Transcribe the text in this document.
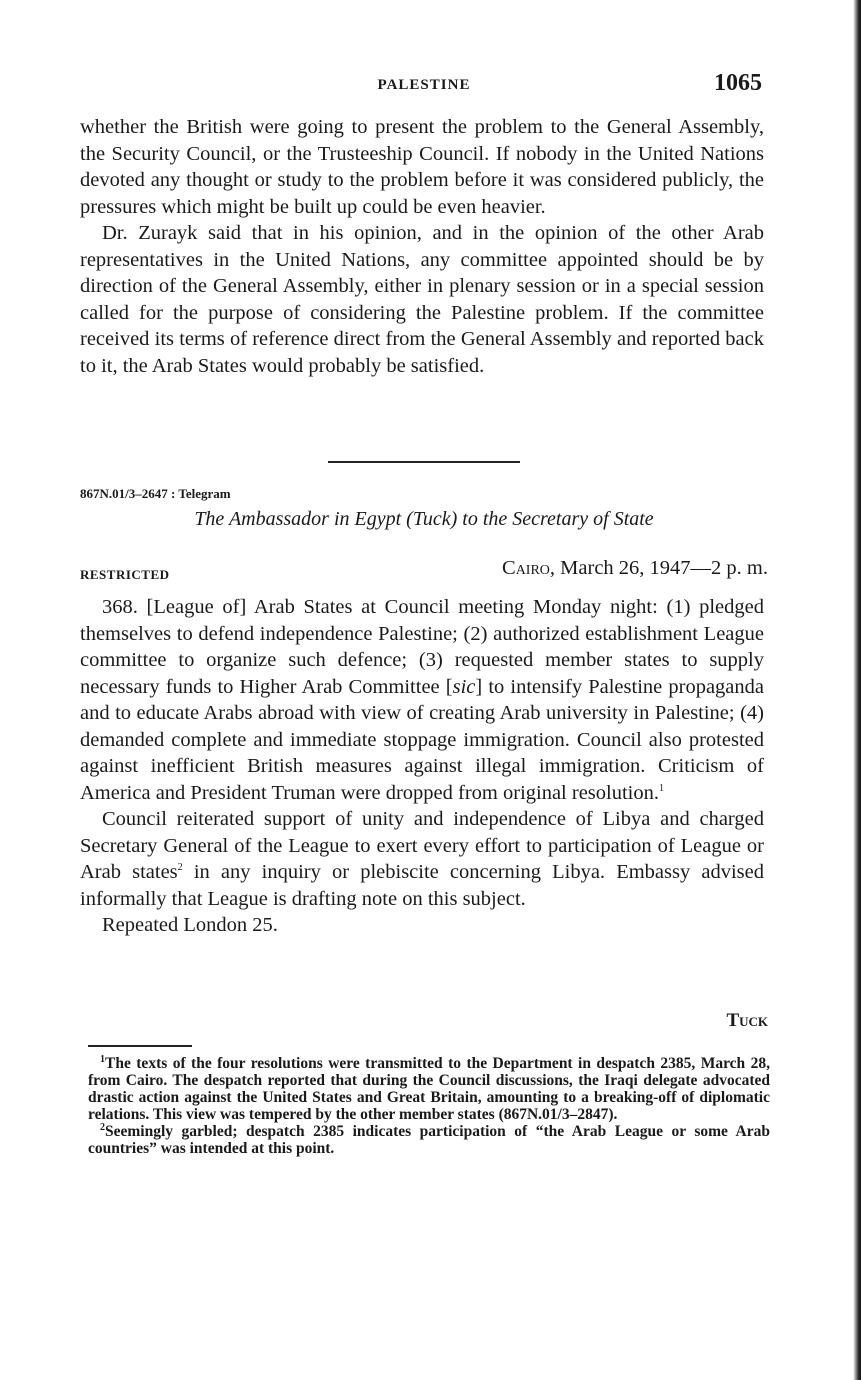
PALESTINE	1065

whether the British were going to present the problem to the General Assembly, the Security Council, or the Trusteeship Council. If nobody in the United Nations devoted any thought or study to the problem before it was considered publicly, the pressures which might be built up could be even heavier.

Dr. Zurayk said that in his opinion, and in the opinion of the other Arab representatives in the United Nations, any committee appointed should be by direction of the General Assembly, either in plenary session or in a special session called for the purpose of considering the Palestine problem. If the committee received its terms of reference direct from the General Assembly and reported back to it, the Arab States would probably be satisfied.

867N.01/3–2647 : Telegram
The Ambassador in Egypt (Tuck) to the Secretary of State
RESTRICTED	Cairo, March 26, 1947—2 p. m.

368. [League of] Arab States at Council meeting Monday night: (1) pledged themselves to defend independence Palestine; (2) authorized establishment League committee to organize such defence; (3) requested member states to supply necessary funds to Higher Arab Committee [sic] to intensify Palestine propaganda and to educate Arabs abroad with view of creating Arab university in Palestine; (4) demanded complete and immediate stoppage immigration. Council also protested against inefficient British measures against illegal immigration. Criticism of America and President Truman were dropped from original resolution.$^1$

Council reiterated support of unity and independence of Libya and charged Secretary General of the League to exert every effort to participation of League or Arab states$^2$ in any inquiry or plebiscite concerning Libya. Embassy advised informally that League is drafting note on this subject.

Repeated London 25.

Tuck

$^1$The texts of the four resolutions were transmitted to the Department in despatch 2385, March 28, from Cairo. The despatch reported that during the Council discussions, the Iraqi delegate advocated drastic action against the United States and Great Britain, amounting to a breaking-off of diplomatic relations. This view was tempered by the other member states (867N.01/3–2847).

$^2$Seemingly garbled; despatch 2385 indicates participation of “the Arab League or some Arab countries” was intended at this point.
